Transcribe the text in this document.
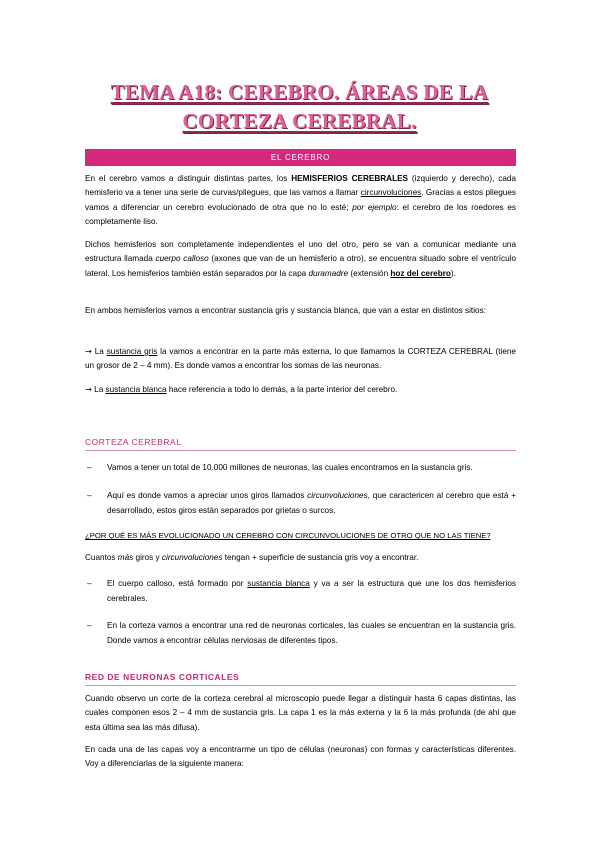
TEMA A18: CEREBRO. ÁREAS DE LA
CORTEZA CEREBRAL.
EL CEREBRO

En el cerebro vamos a distinguir distintas partes, los HEMISFERIOS CEREBRALES (izquierdo y derecho), cada hemisferio va a tener una serie de curvas/pliegues, que las vamos a llamar circunvoluciones. Gracias a estos pliegues vamos a diferenciar un cerebro evolucionado de otra que no lo esté; por ejemplo: el cerebro de los roedores es completamente liso.

Dichos hemisferios son completamente independientes el uno del otro, pero se van a comunicar mediante una estructura llamada cuerpo calloso (axones que van de un hemisferio a otro), se encuentra situado sobre el ventrículo lateral. Los hemisferios también están separados por la capa duramadre (extensión hoz del cerebro).

En ambos hemisferios vamos a encontrar sustancia gris y sustancia blanca, que van a estar en distintos sitios:

→ La sustancia gris la vamos a encontrar en la parte más externa, lo que llamamos la CORTEZA CEREBRAL (tiene un grosor de 2 – 4 mm). Es donde vamos a encontrar los somas de las neuronas.

→ La sustancia blanca hace referencia a todo lo demás, a la parte interior del cerebro.

CORTEZA CEREBRAL
– Vamos a tener un total de 10.000 millones de neuronas, las cuales encontramos en la sustancia gris.
– Aquí es donde vamos a apreciar unos giros llamados circunvoluciones, que caractericen al cerebro que está + desarrollado, estos giros están separados por grietas o surcos.

¿POR QUÉ ES MÁS EVOLUCIONADO UN CEREBRO CON CIRCUNVOLUCIONES DE OTRO QUE NO LAS TIENE?

Cuantos más giros y circunvoluciones tengan + superficie de sustancia gris voy a encontrar.

– El cuerpo calloso, está formado por sustancia blanca y va a ser la estructura que une los dos hemisferios cerebrales.
– En la corteza vamos a encontrar una red de neuronas corticales, las cuales se encuentran en la sustancia gris. Donde vamos a encontrar células nerviosas de diferentes tipos.
RED DE NEURONAS CORTICALES

Cuando observo un corte de la corteza cerebral al microscopio puede llegar a distinguir hasta 6 capas distintas, las cuales componen esos 2 – 4 mm de sustancia gris. La capa 1 es la más externa y la 6 la más profunda (de ahí que esta última sea las más difusa).

En cada una de las capas voy a encontrarme un tipo de células (neuronas) con formas y características diferentes. Voy a diferenciarlas de la siguiente manera:
